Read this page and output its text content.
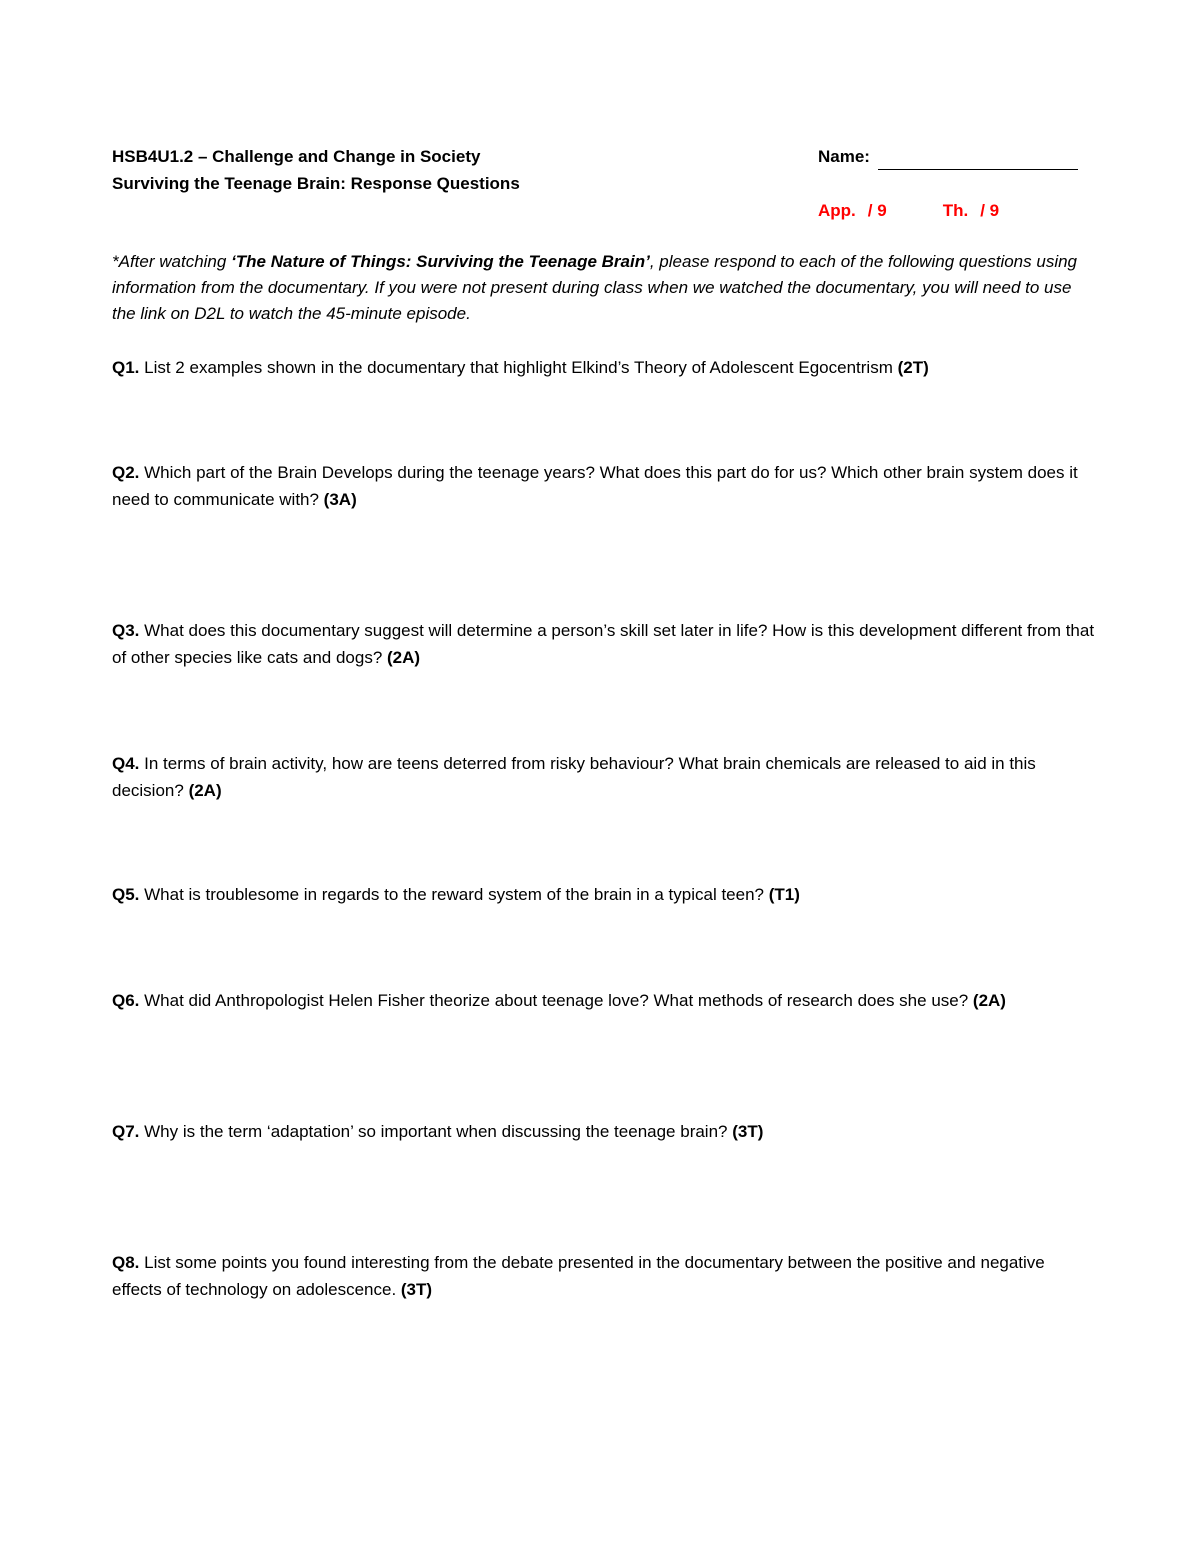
HSB4U1.2 – Challenge and Change in Society
Surviving the Teenage Brain: Response Questions
Name:
App. / 9	Th. / 9
*After watching ‘The Nature of Things: Surviving the Teenage Brain’, please respond to each of the following questions using information from the documentary. If you were not present during class when we watched the documentary, you will need to use the link on D2L to watch the 45-minute episode.
Q1. List 2 examples shown in the documentary that highlight Elkind’s Theory of Adolescent Egocentrism (2T)
Q2. Which part of the Brain Develops during the teenage years? What does this part do for us? Which other brain system does it need to communicate with? (3A)
Q3. What does this documentary suggest will determine a person’s skill set later in life? How is this development different from that of other species like cats and dogs? (2A)
Q4. In terms of brain activity, how are teens deterred from risky behaviour? What brain chemicals are released to aid in this decision? (2A)
Q5. What is troublesome in regards to the reward system of the brain in a typical teen? (T1)
Q6. What did Anthropologist Helen Fisher theorize about teenage love? What methods of research does she use? (2A)
Q7. Why is the term ‘adaptation’ so important when discussing the teenage brain? (3T)
Q8. List some points you found interesting from the debate presented in the documentary between the positive and negative effects of technology on adolescence. (3T)
